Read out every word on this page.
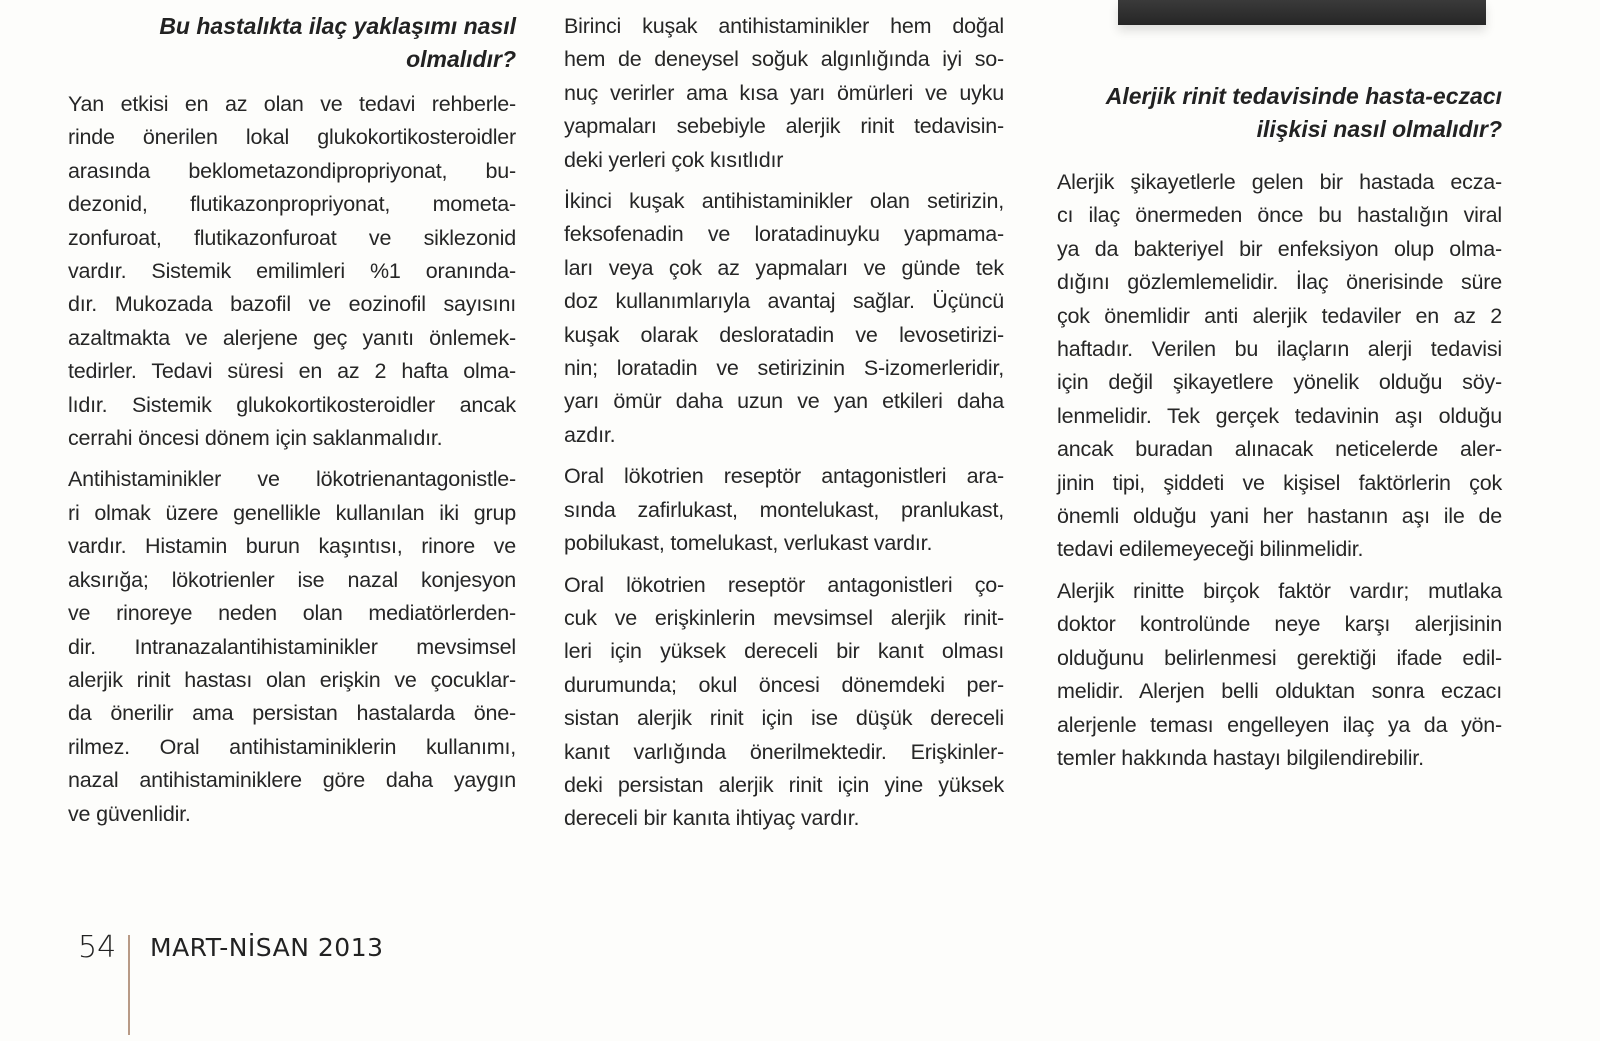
Bu hastalıkta ilaç yaklaşımı nasıl
olmalıdır?
Yan etkisi en az olan ve tedavi rehberle-
rinde önerilen lokal glukokortikosteroidler
arasında beklometazondipropriyonat, bu-
dezonid, flutikazonpropriyonat, mometa-
zonfuroat, flutikazonfuroat ve siklezonid
vardır. Sistemik emilimleri %1 oranında-
dır. Mukozada bazofil ve eozinofil sayısını
azaltmakta ve alerjene geç yanıtı önlemek-
tedirler. Tedavi süresi en az 2 hafta olma-
lıdır. Sistemik glukokortikosteroidler ancak
cerrahi öncesi dönem için saklanmalıdır.
Antihistaminikler ve lökotrienantagonistle-
ri olmak üzere genellikle kullanılan iki grup
vardır. Histamin burun kaşıntısı, rinore ve
aksırığa; lökotrienler ise nazal konjesyon
ve rinoreye neden olan mediatörlerden-
dir. Intranazalantihistaminikler mevsimsel
alerjik rinit hastası olan erişkin ve çocuklar-
da önerilir ama persistan hastalarda öne-
rilmez. Oral antihistaminiklerin kullanımı,
nazal antihistaminiklere göre daha yaygın
ve güvenlidir.
Birinci kuşak antihistaminikler hem doğal
hem de deneysel soğuk algınlığında iyi so-
nuç verirler ama kısa yarı ömürleri ve uyku
yapmaları sebebiyle alerjik rinit tedavisin-
deki yerleri çok kısıtlıdır
İkinci kuşak antihistaminikler olan setirizin,
feksofenadin ve loratadinuyku yapmama-
ları veya çok az yapmaları ve günde tek
doz kullanımlarıyla avantaj sağlar. Üçüncü
kuşak olarak desloratadin ve levosetirizi-
nin; loratadin ve setirizinin S-izomerleridir,
yarı ömür daha uzun ve yan etkileri daha
azdır.
Oral lökotrien reseptör antagonistleri ara-
sında zafirlukast, montelukast, pranlukast,
pobilukast, tomelukast, verlukast vardır.
Oral lökotrien reseptör antagonistleri ço-
cuk ve erişkinlerin mevsimsel alerjik rinit-
leri için yüksek dereceli bir kanıt olması
durumunda; okul öncesi dönemdeki per-
sistan alerjik rinit için ise düşük dereceli
kanıt varlığında önerilmektedir. Erişkinler-
deki persistan alerjik rinit için yine yüksek
dereceli bir kanıta ihtiyaç vardır.
Alerjik rinit tedavisinde hasta-eczacı
ilişkisi nasıl olmalıdır?
Alerjik şikayetlerle gelen bir hastada ecza-
cı ilaç önermeden önce bu hastalığın viral
ya da bakteriyel bir enfeksiyon olup olma-
dığını gözlemlemelidir. İlaç önerisinde süre
çok önemlidir anti alerjik tedaviler en az 2
haftadır. Verilen bu ilaçların alerji tedavisi
için değil şikayetlere yönelik olduğu söy-
lenmelidir. Tek gerçek tedavinin aşı olduğu
ancak buradan alınacak neticelerde aler-
jinin tipi, şiddeti ve kişisel faktörlerin çok
önemli olduğu yani her hastanın aşı ile de
tedavi edilemeyeceği bilinmelidir.
Alerjik rinitte birçok faktör vardır; mutlaka
doktor kontrolünde neye karşı alerjisinin
olduğunu belirlenmesi gerektiği ifade edil-
melidir. Alerjen belli olduktan sonra eczacı
alerjenle teması engelleyen ilaç ya da yön-
temler hakkında hastayı bilgilendirebilir.
54 MART-NİSAN 2013
